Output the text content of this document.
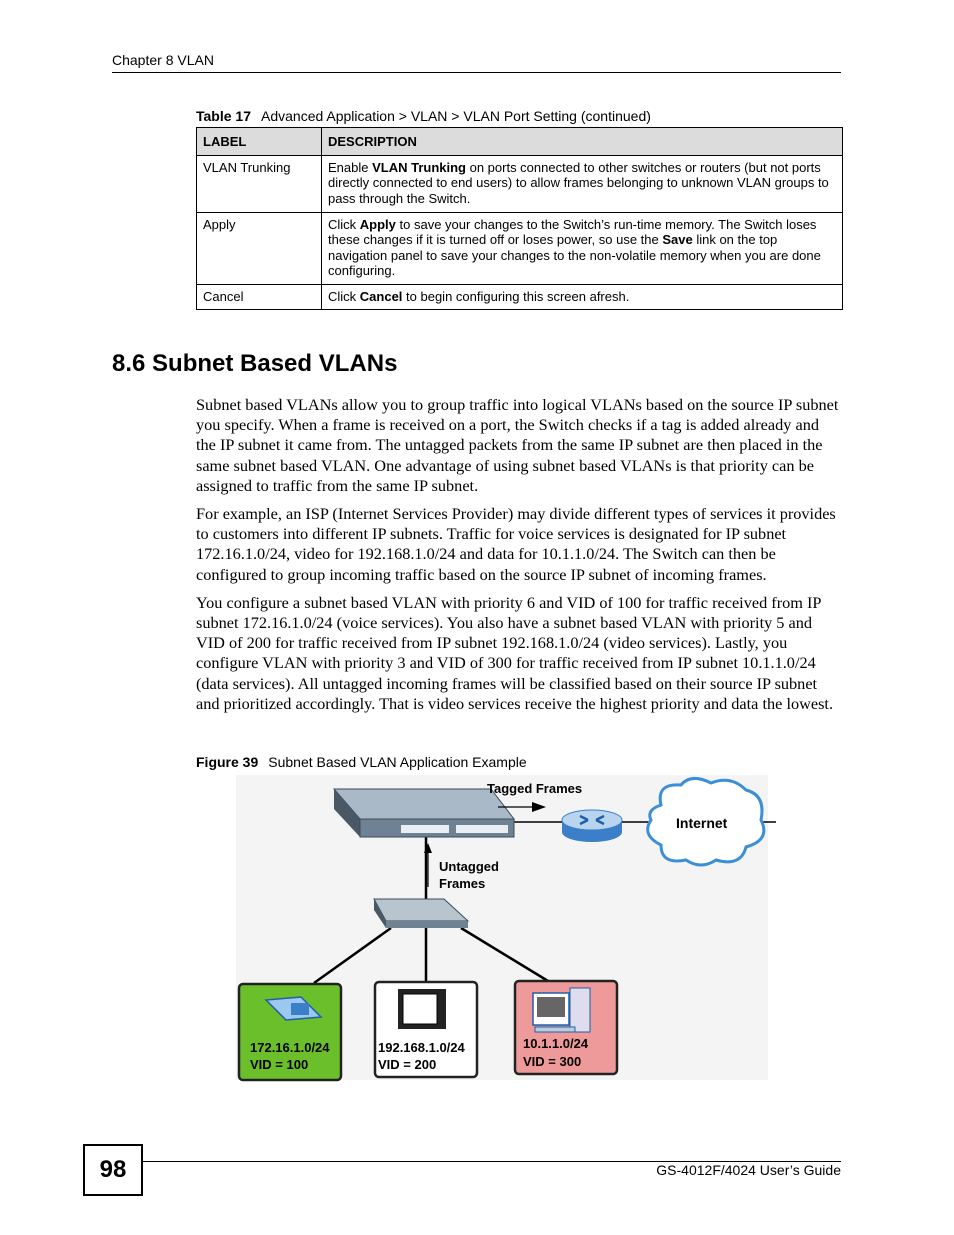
Chapter 8 VLAN
Table 17 Advanced Application > VLAN > VLAN Port Setting (continued)
LABEL	DESCRIPTION
VLAN Trunking	Enable VLAN Trunking on ports connected to other switches or routers (but not ports directly connected to end users) to allow frames belonging to unknown VLAN groups to pass through the Switch.
Apply	Click Apply to save your changes to the Switch’s run-time memory. The Switch loses these changes if it is turned off or loses power, so use the Save link on the top navigation panel to save your changes to the non-volatile memory when you are done configuring.
Cancel	Click Cancel to begin configuring this screen afresh.
8.6 Subnet Based VLANs

Subnet based VLANs allow you to group traffic into logical VLANs based on the source IP subnet you specify. When a frame is received on a port, the Switch checks if a tag is added already and the IP subnet it came from. The untagged packets from the same IP subnet are then placed in the same subnet based VLAN. One advantage of using subnet based VLANs is that priority can be assigned to traffic from the same IP subnet.

For example, an ISP (Internet Services Provider) may divide different types of services it provides to customers into different IP subnets. Traffic for voice services is designated for IP subnet 172.16.1.0/24, video for 192.168.1.0/24 and data for 10.1.1.0/24. The Switch can then be configured to group incoming traffic based on the source IP subnet of incoming frames.

You configure a subnet based VLAN with priority 6 and VID of 100 for traffic received from IP subnet 172.16.1.0/24 (voice services). You also have a subnet based VLAN with priority 5 and VID of 200 for traffic received from IP subnet 192.168.1.0/24 (video services). Lastly, you configure VLAN with priority 3 and VID of 300 for traffic received from IP subnet 10.1.1.0/24 (data services). All untagged incoming frames will be classified based on their source IP subnet and prioritized accordingly. That is video services receive the highest priority and data the lowest.

Figure 39 Subnet Based VLAN Application Example
Tagged Frames
Internet
Untagged
Frames
172.16.1.0/24
VID = 100
192.168.1.0/24
VID = 200
10.1.1.0/24
VID = 300
98	GS-4012F/4024 User’s Guide
